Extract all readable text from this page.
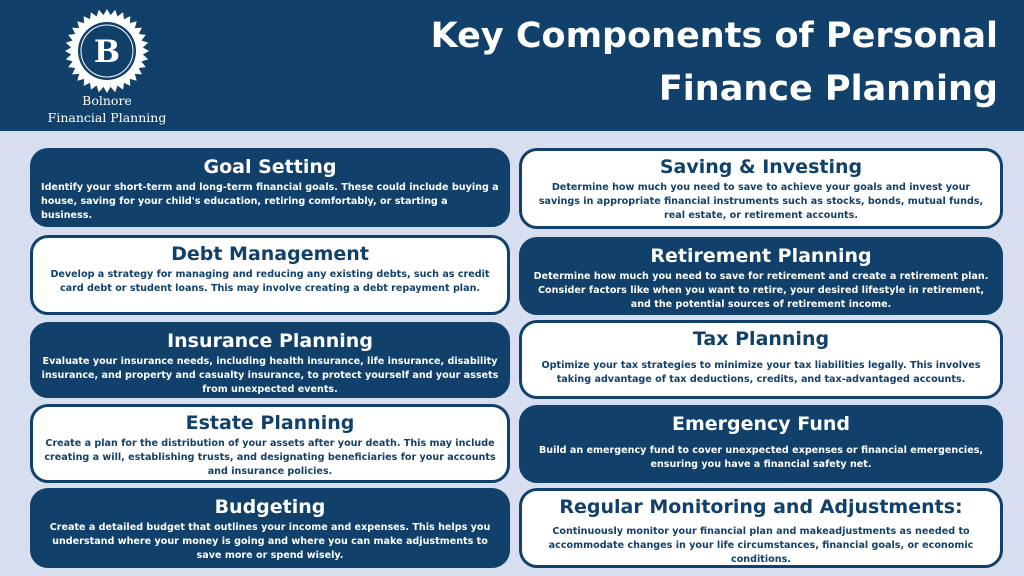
B
Bolnore
Financial Planning
Key Components of Personal
Finance Planning
Goal Setting
Identify your short-term and long-term financial goals. These could include buying a house, saving for your child's education, retiring comfortably, or starting a business.
Saving & Investing
Determine how much you need to save to achieve your goals and invest your savings in appropriate financial instruments such as stocks, bonds, mutual funds, real estate, or retirement accounts.
Debt Management
Develop a strategy for managing and reducing any existing debts, such as credit card debt or student loans. This may involve creating a debt repayment plan.
Retirement Planning
Determine how much you need to save for retirement and create a retirement plan. Consider factors like when you want to retire, your desired lifestyle in retirement, and the potential sources of retirement income.
Insurance Planning
Evaluate your insurance needs, including health insurance, life insurance, disability insurance, and property and casualty insurance, to protect yourself and your assets from unexpected events.
Tax Planning
Optimize your tax strategies to minimize your tax liabilities legally. This involves taking advantage of tax deductions, credits, and tax-advantaged accounts.
Estate Planning
Create a plan for the distribution of your assets after your death. This may include creating a will, establishing trusts, and designating beneficiaries for your accounts and insurance policies.
Emergency Fund
Build an emergency fund to cover unexpected expenses or financial emergencies, ensuring you have a financial safety net.
Budgeting
Create a detailed budget that outlines your income and expenses. This helps you understand where your money is going and where you can make adjustments to save more or spend wisely.
Regular Monitoring and Adjustments:
Continuously monitor your financial plan and makeadjustments as needed to accommodate changes in your life circumstances, financial goals, or economic conditions.
